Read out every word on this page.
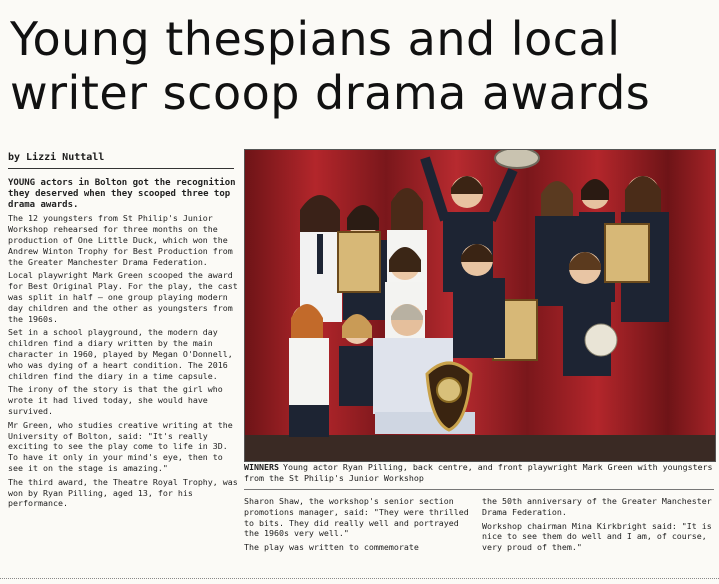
Young thespians and local
writer scoop drama awards
by Lizzi Nuttall

YOUNG actors in Bolton got the recognition they deserved when they scooped three top drama awards.

The 12 youngsters from St Philip's Junior Workshop rehearsed for three months on the production of One Little Duck, which won the Andrew Winton Trophy for Best Production from the Greater Manchester Drama Federation.

Local playwright Mark Green scooped the award for Best Original Play. For the play, the cast was split in half — one group playing modern day children and the other as youngsters from the 1960s.

Set in a school playground, the modern day children find a diary written by the main character in 1960, played by Megan O'Donnell, who was dying of a heart condition. The 2016 children find the diary in a time capsule.

The irony of the story is that the girl who wrote it had lived today, she would have survived.

Mr Green, who studies creative writing at the University of Bolton, said: "It's really exciting to see the play come to life in 3D. To have it only in your mind's eye, then to see it on the stage is amazing."

The third award, the Theatre Royal Trophy, was won by Ryan Pilling, aged 13, for his performance.

WINNERS Young actor Ryan Pilling, back centre, and front playwright Mark Green with youngsters from the St Philip's Junior Workshop

Sharon Shaw, the workshop's senior section promotions manager, said: "They were thrilled to bits. They did really well and portrayed the 1960s very well."

The play was written to commemorate

the 50th anniversary of the Greater Manchester Drama Federation.

Workshop chairman Mina Kirkbright said: "It is nice to see them do well and I am, of course, very proud of them."
